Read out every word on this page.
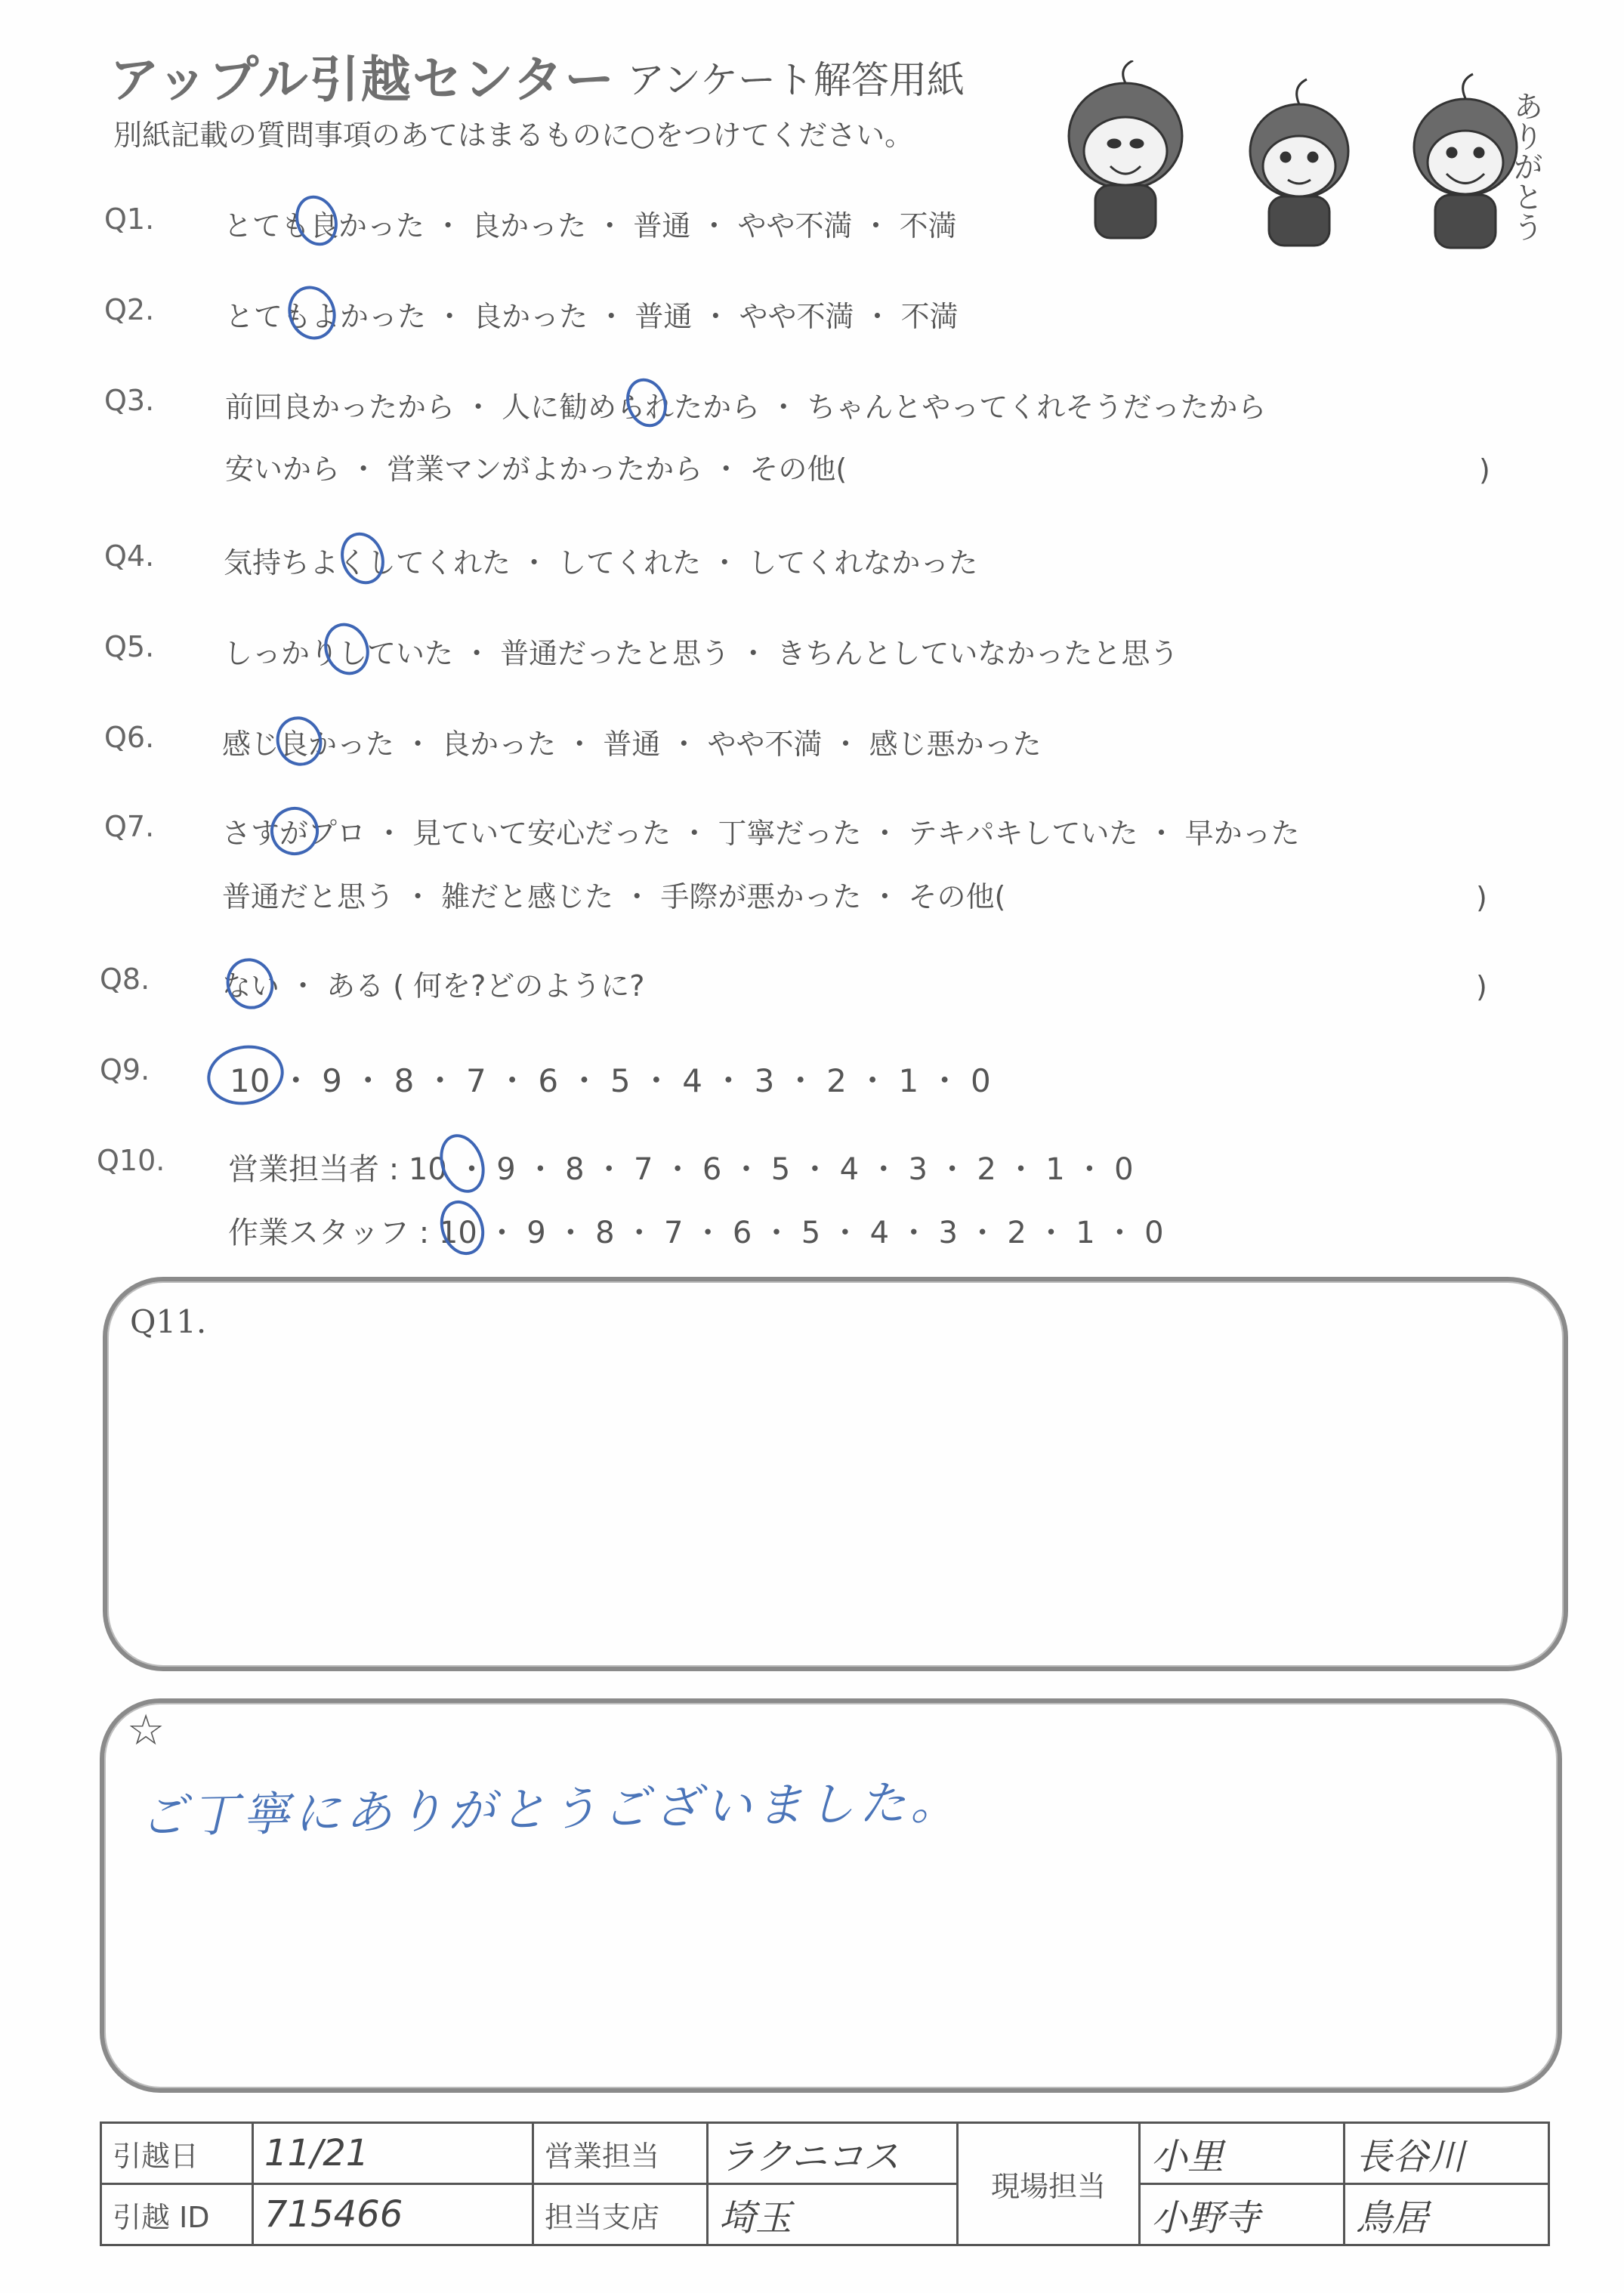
アップル引越センター アンケート解答用紙
別紙記載の質問事項のあてはまるものに○をつけてください。	ありがとう
Q1. とても良かった ・ 良かった ・ 普通 ・ やや不満 ・ 不満
Q2. とてもよかった ・ 良かった ・ 普通 ・ やや不満 ・ 不満
Q3. 前回良かったから ・ 人に勧められたから ・ ちゃんとやってくれそうだったから
安いから ・ 営業マンがよかったから ・ その他(	)
Q4. 気持ちよくしてくれた ・ してくれた ・ してくれなかった
Q5. しっかりしていた ・ 普通だったと思う ・ きちんとしていなかったと思う
Q6. 感じ良かった ・ 良かった ・ 普通 ・ やや不満 ・ 感じ悪かった
Q7. さすがプロ ・ 見ていて安心だった ・ 丁寧だった ・ テキパキしていた ・ 早かった
普通だと思う ・ 雑だと感じた ・ 手際が悪かった ・ その他(	)
Q8.	ない ・ ある ( 何を?どのように?	)
Q9.	10 ・ 9 ・ 8 ・ 7 ・ 6 ・ 5 ・ 4 ・ 3 ・ 2 ・ 1 ・ 0
Q10. 営業担当者 : 10 ・ 9 ・ 8 ・ 7 ・ 6 ・ 5 ・ 4 ・ 3 ・ 2 ・ 1 ・ 0
作業スタッフ : 10 ・ 9 ・ 8 ・ 7 ・ 6 ・ 5 ・ 4 ・ 3 ・ 2 ・ 1 ・ 0
Q11.
☆
ご丁寧にありがとうございました。
引越日	11/21	営業担当	ラクニコス	現場担当	小里	長谷川
引越 ID	715466	担当支店	埼玉		小野寺	鳥居
